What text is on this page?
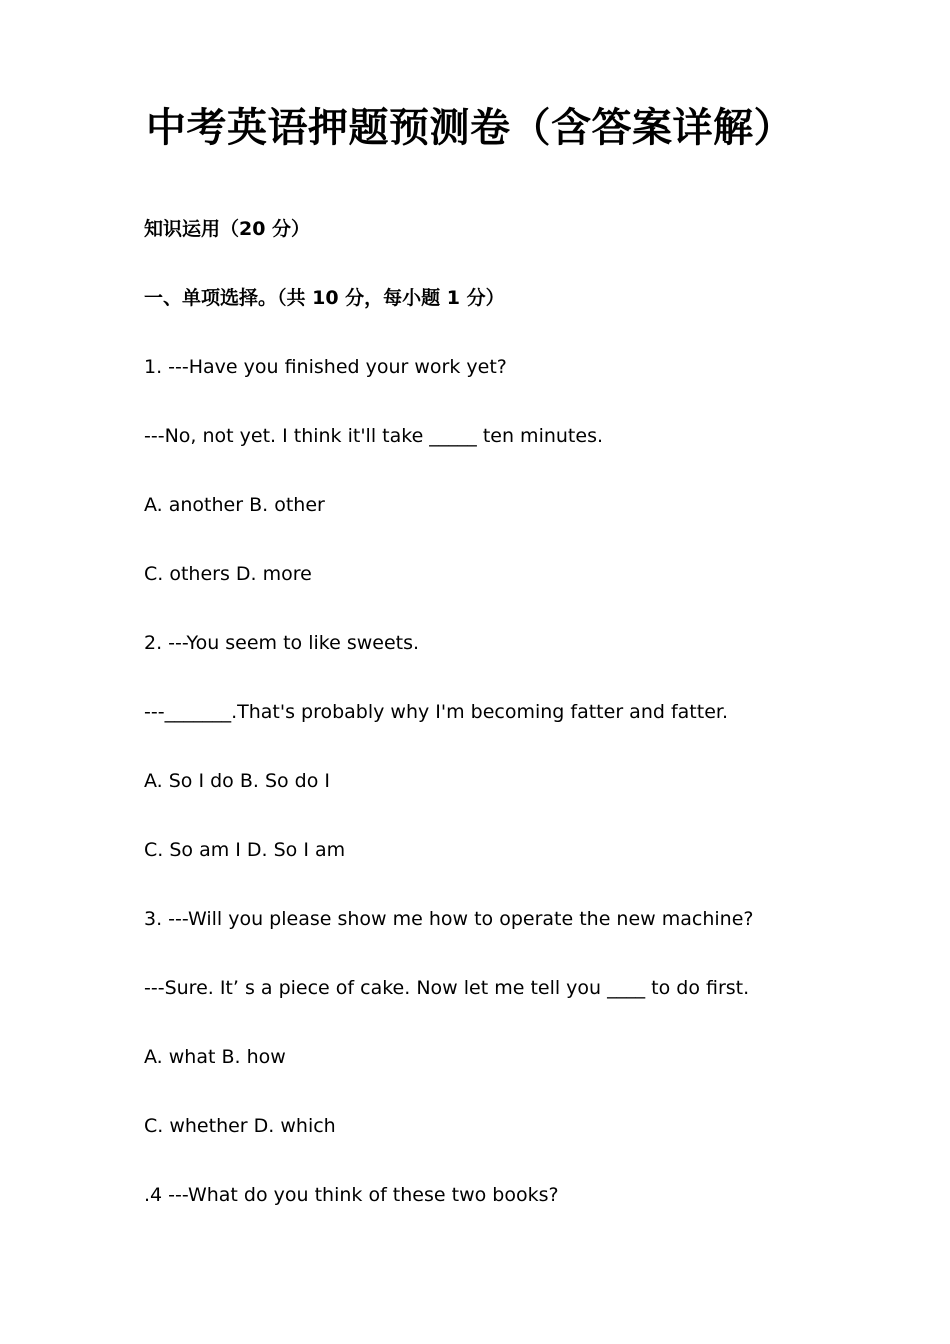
中考英语押题预测卷（含答案详解）
知识运用（20 分）
一、单项选择。（共 10 分，每小题 1 分）
1. ---Have you finished your work yet?
---No, not yet. I think it'll take _____ ten minutes.
A. another B. other
C. others D. more
2. ---You seem to like sweets.
---_______.That's probably why I'm becoming fatter and fatter.
A. So I do B. So do I
C. So am I D. So I am
3. ---Will you please show me how to operate the new machine?
---Sure. It’ s a piece of cake. Now let me tell you ____ to do first.
A. what B. how
C. whether D. which
.4 ---What do you think of these two books?
